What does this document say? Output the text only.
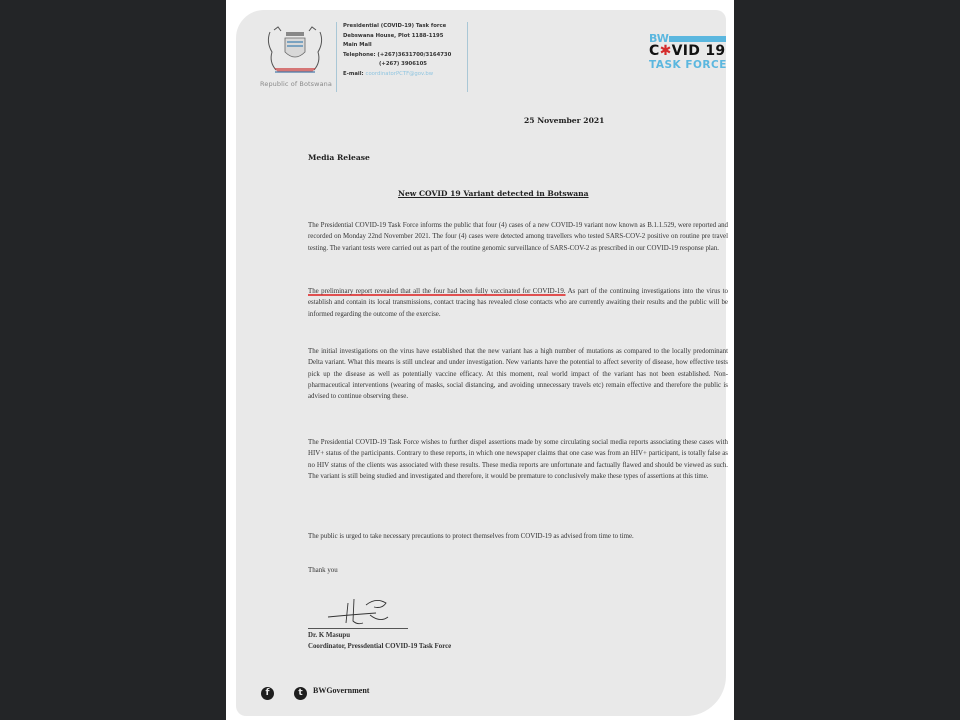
Republic of Botswana
Presidential (COVID-19) Task force
Debswana House, Plot 1188-1195
Main Mall
Telephone: (+267)3631700/3164730
(+267) 3906105
E-mail: coordinatorPCTF@gov.bw
BW
C✱VID 19
TASK FORCE
25 November 2021
Media Release
New COVID 19 Variant detected in Botswana
The Presidential COVID-19 Task Force informs the public that four (4) cases of a new COVID-19 variant now known as B.1.1.529, were reported and recorded on Monday 22nd November 2021. The four (4) cases were detected among travellers who tested SARS-COV-2 positive on routine pre travel testing. The variant tests were carried out as part of the routine genomic surveillance of SARS-COV-2 as prescribed in our COVID-19 response plan.
The preliminary report revealed that all the four had been fully vaccinated for COVID-19. As part of the continuing investigations into the virus to establish and contain its local transmissions, contact tracing has revealed close contacts who are currently awaiting their results and the public will be informed regarding the outcome of the exercise.
The initial investigations on the virus have established that the new variant has a high number of mutations as compared to the locally predominant Delta variant. What this means is still unclear and under investigation. New variants have the potential to affect severity of disease, how effective tests pick up the disease as well as potentially vaccine efficacy. At this moment, real world impact of the variant has not been established. Non-pharmaceutical interventions (wearing of masks, social distancing, and avoiding unnecessary travels etc) remain effective and therefore the public is advised to continue observing these.
The Presidential COVID-19 Task Force wishes to further dispel assertions made by some circulating social media reports associating these cases with HIV+ status of the participants. Contrary to these reports, in which one newspaper claims that one case was from an HIV+ participant, is totally false as no HIV status of the clients was associated with these results. These media reports are unfortunate and factually flawed and should be viewed as such. The variant is still being studied and investigated and therefore, it would be premature to conclusively make these types of assertions at this time.
The public is urged to take necessary precautions to protect themselves from COVID-19 as advised from time to time.
Thank you
Dr. K Masupu
Coordinator, Pressdential COVID-19 Task Force
f	t	BWGovernment
